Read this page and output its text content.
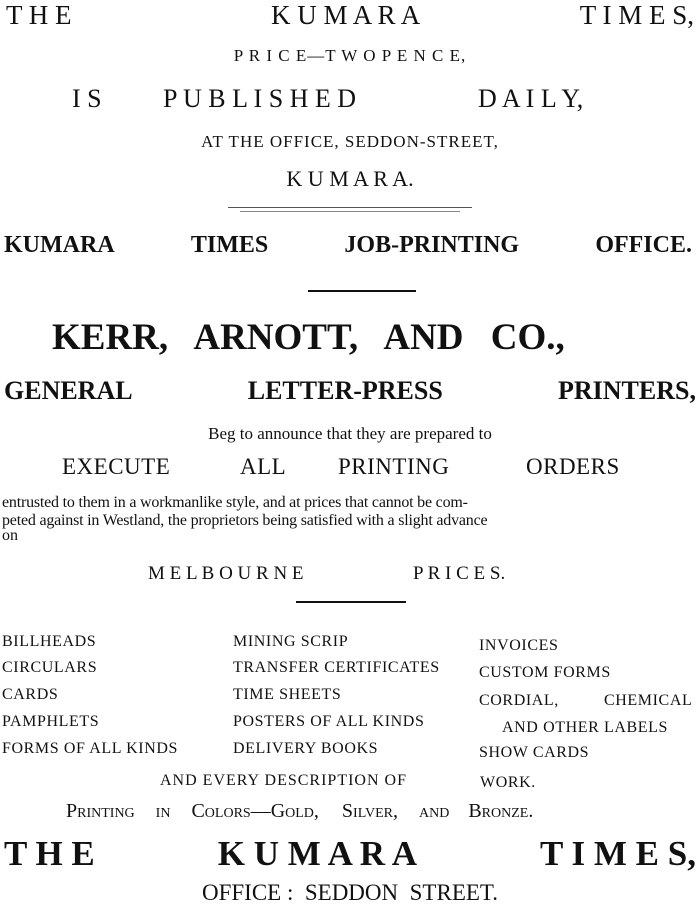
T H E	K U M A R A	T I M E S,
P R I C E—T W O P E N C E,
I S P U B L I S H E D	D A I L Y,
AT THE OFFICE, SEDDON-STREET,
K U M A R A.
KUMARA	TIMES	JOB-PRINTING	OFFICE.
KERR, ARNOTT, AND CO.,
GENERAL	LETTER-PRESS	PRINTERS,
Beg to announce that they are prepared to
EXECUTE	ALL PRINTING	ORDERS
entrusted to them in a workmanlike style, and at prices that cannot be com-
peted against in Westland, the proprietors being satisfied with a slight advance
on
M E L B O U R N E	P R I C E S.
BILLHEADS
CIRCULARS
CARDS
PAMPHLETS
FORMS OF ALL KINDS
MINING SCRIP
TRANSFER CERTIFICATES
TIME SHEETS
POSTERS OF ALL KINDS
DELIVERY BOOKS
INVOICES
CUSTOM FORMS
CORDIAL,	CHEMICAL
AND OTHER LABELS
SHOW CARDS
AND EVERY DESCRIPTION OF	WORK.
Printing in Colors—Gold, Silver, and Bronze.
T H E	K U M A R A	T I M E S,
OFFICE :  SEDDON  STREET.
